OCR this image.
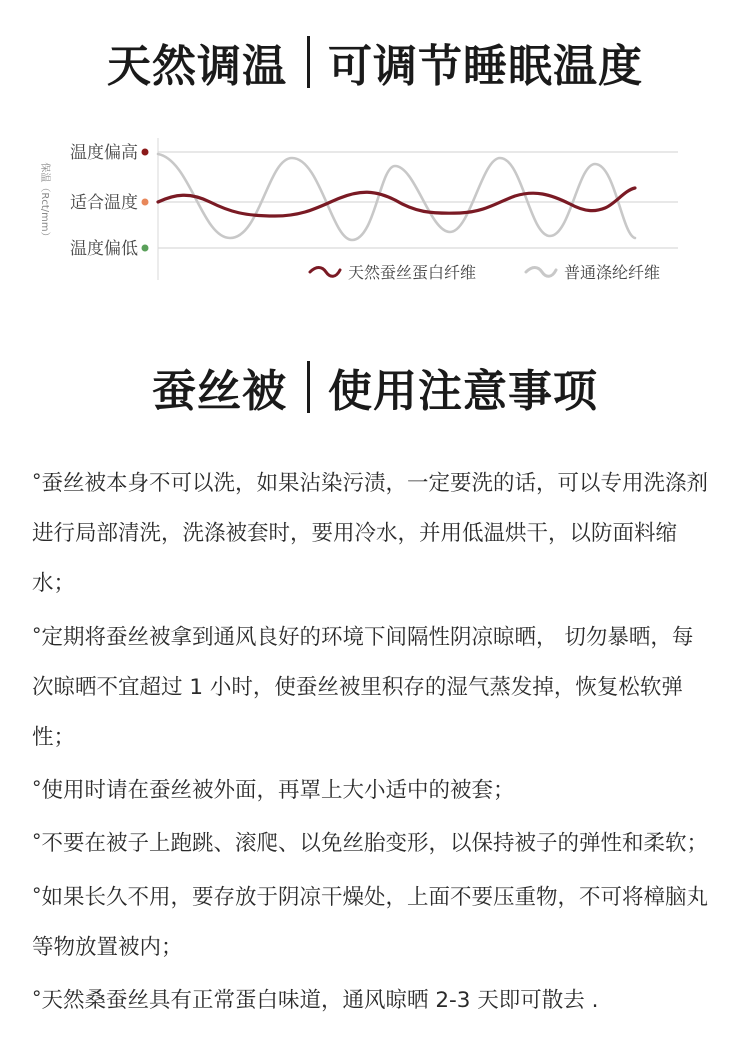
天然调温 可调节睡眠温度
温度偏高
适合温度
温度偏低
保温（Rct/mm）
天然蚕丝蛋白纤维	普通涤纶纤维
蚕丝被 使用注意事项

°蚕丝被本身不可以洗，如果沾染污渍，一定要洗的话，可以专用洗涤剂进行局部清洗，洗涤被套时，要用冷水，并用低温烘干，以防面料缩水；

°定期将蚕丝被拿到通风良好的环境下间隔性阴凉晾晒， 切勿暴晒，每次晾晒不宜超过 1 小时，使蚕丝被里积存的湿气蒸发掉，恢复松软弹性；

°使用时请在蚕丝被外面，再罩上大小适中的被套；

°不要在被子上跑跳、滚爬、以免丝胎变形，以保持被子的弹性和柔软；

°如果长久不用，要存放于阴凉干燥处，上面不要压重物，不可将樟脑丸等物放置被内；

°天然桑蚕丝具有正常蛋白味道，通风晾晒 2-3 天即可散去 .
